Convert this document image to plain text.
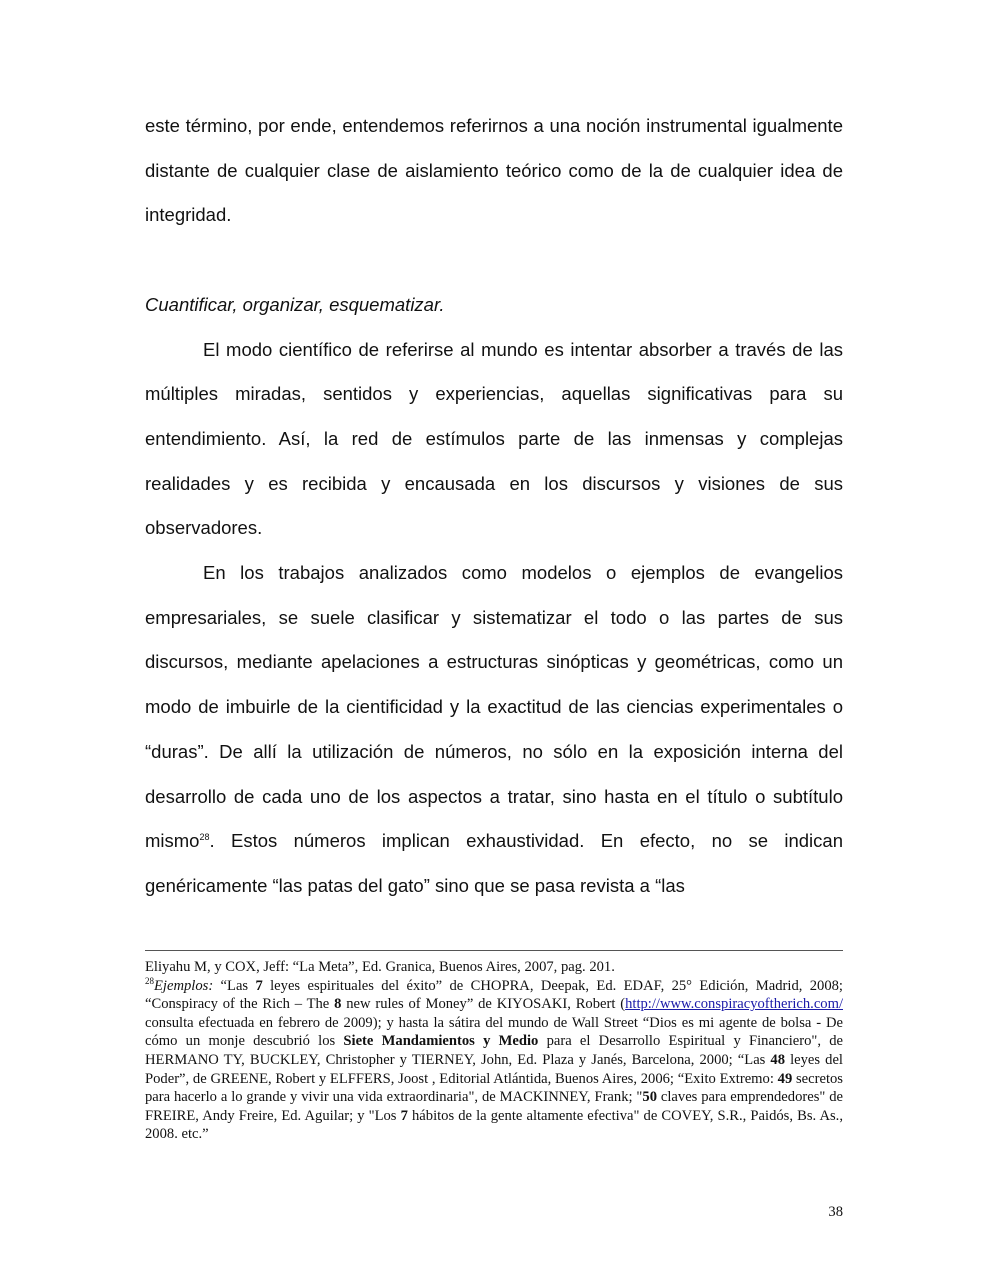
este término, por ende, entendemos referirnos a una noción instrumental igualmente distante de cualquier clase de aislamiento teórico como de la de cualquier idea de integridad.

Cuantificar, organizar, esquematizar.

El modo científico de referirse al mundo es intentar absorber a través de las múltiples miradas, sentidos y experiencias, aquellas significativas para su entendimiento. Así, la red de estímulos parte de las inmensas y complejas realidades y es recibida y encausada en los discursos y visiones de sus observadores.

En los trabajos analizados como modelos o ejemplos de evangelios empresariales, se suele clasificar y sistematizar el todo o las partes de sus discursos, mediante apelaciones a estructuras sinópticas y geométricas, como un modo de imbuirle de la cientificidad y la exactitud de las ciencias experimentales o “duras”. De allí la utilización de números, no sólo en la exposición interna del desarrollo de cada uno de los aspectos a tratar, sino hasta en el título o subtítulo mismo$^{28}$. Estos números implican exhaustividad. En efecto, no se indican genéricamente “las patas del gato” sino que se pasa revista a “las

Eliyahu M, y COX, Jeff: “La Meta”, Ed. Granica, Buenos Aires, 2007, pag. 201.

$^{28}$Ejemplos: “Las 7 leyes espirituales del éxito” de CHOPRA, Deepak, Ed. EDAF, 25° Edición, Madrid, 2008; “Conspiracy of the Rich – The 8 new rules of Money” de KIYOSAKI, Robert (http://www.conspiracyoftherich.com/ consulta efectuada en febrero de 2009); y hasta la sátira del mundo de Wall Street “Dios es mi agente de bolsa - De cómo un monje descubrió los Siete Mandamientos y Medio para el Desarrollo Espiritual y Financiero", de HERMANO TY, BUCKLEY, Christopher y TIERNEY, John, Ed. Plaza y Janés, Barcelona, 2000; “Las 48 leyes del Poder”, de GREENE, Robert y ELFFERS, Joost , Editorial Atlántida, Buenos Aires, 2006; “Exito Extremo: 49 secretos para hacerlo a lo grande y vivir una vida extraordinaria", de MACKINNEY, Frank; "50 claves para emprendedores" de FREIRE, Andy Freire, Ed. Aguilar; y "Los 7 hábitos de la gente altamente efectiva" de COVEY, S.R., Paidós, Bs. As., 2008. etc.”

38
